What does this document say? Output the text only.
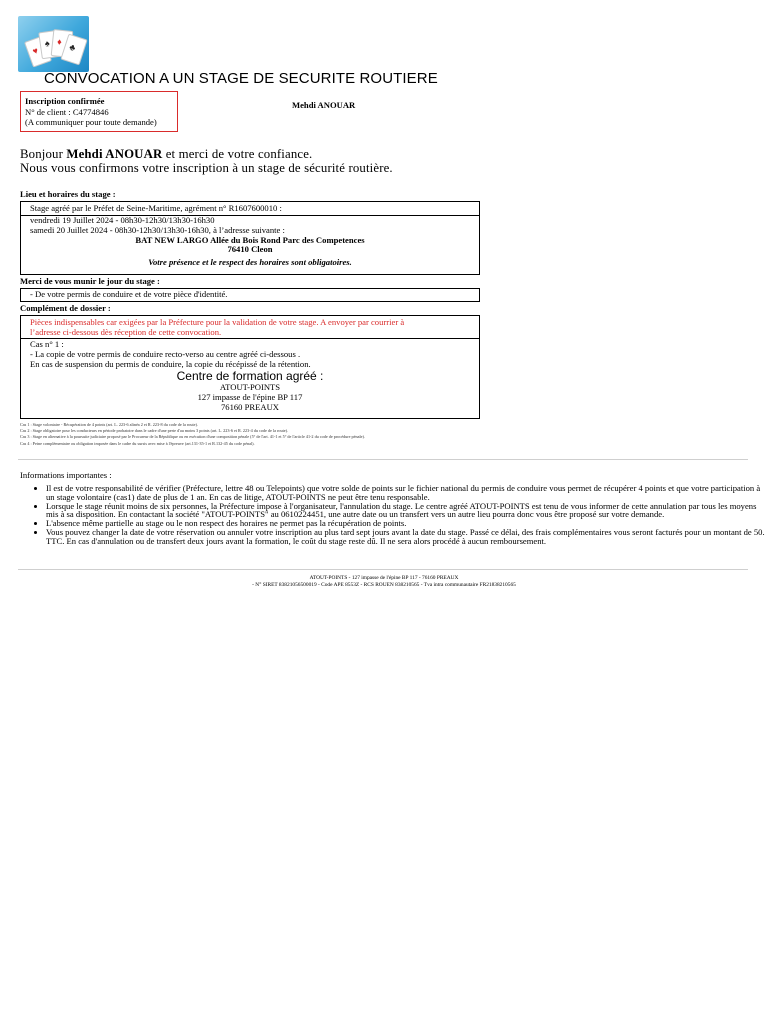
♥
♠ ♦
♣
CONVOCATION A UN STAGE DE SECURITE ROUTIERE
Inscription confirmée
N° de client : C4774846
(A communiquer pour toute demande)
Mehdi ANOUAR
Bonjour Mehdi ANOUAR et merci de votre confiance.
Nous vous confirmons votre inscription à un stage de sécurité routière.
Lieu et horaires du stage :
Stage agréé par le Préfet de Seine-Maritime, agrément n° R1607600010 :
vendredi 19 Juillet 2024 - 08h30-12h30/13h30-16h30
samedi 20 Juillet 2024 - 08h30-12h30/13h30-16h30, à l’adresse suivante :
BAT NEW LARGO Allée du Bois Rond Parc des Competences
76410 Cleon
Votre présence et le respect des horaires sont obligatoires.
Merci de vous munir le jour du stage :
- De votre permis de conduire et de votre pièce d'identité.
Complément de dossier :
Pièces indispensables car exigées par la Préfecture pour la validation de votre stage. A envoyer par courrier à
l’adresse ci-dessous dès réception de cette convocation.
Cas n° 1 :
- La copie de votre permis de conduire recto-verso au centre agréé ci-dessous .
En cas de suspension du permis de conduire, la copie du récépissé de la rétention.
Centre de formation agréé :
ATOUT-POINTS
127 impasse de l'épine BP 117
76160 PREAUX
Cas 1 : Stage volontaire - Récupération de 4 points (art. L. 223-6 alinéa 2 et R. 223-8 du code de la route).
Cas 2 : Stage obligatoire pour les conducteurs en période probatoire dans le cadre d'une perte d'au moins 3 points (art. L. 223-6 et R. 223-4 du code de la route).
Cas 3 : Stage en alternative à la poursuite judiciaire proposé par le Procureur de la République ou en exécution d'une composition pénale (5° de l'art. 41-1 et 5° de l'article 41-2 du code de procédure pénale).
Cas 4 : Peine complémentaire ou obligation imposée dans le cadre du sursis avec mise à l'épreuve (art.131-35-1 et R.132-45 du code pénal).
Informations importantes :
• Il est de votre responsabilité de vérifier (Préfecture, lettre 48 ou Telepoints) que votre solde de points sur le fichier national du permis de conduire vous permet de récupérer 4 points et que votre participation à un stage volontaire (cas1) date de plus de 1 an. En cas de litige, ATOUT-POINTS ne peut être tenu responsable.
• Lorsque le stage réunit moins de six personnes, la Préfecture impose à l'organisateur, l'annulation du stage. Le centre agréé ATOUT-POINTS est tenu de vous informer de cette annulation par tous les moyens mis à sa disposition. En contactant la société "ATOUT-POINTS" au 0610224451, une autre date ou un transfert vers un autre lieu pourra donc vous être proposé sur votre demande.
• L'absence même partielle au stage ou le non respect des horaires ne permet pas la récupération de points.
• Vous pouvez changer la date de votre réservation ou annuler votre inscription au plus tard sept jours avant la date du stage. Passé ce délai, des frais complémentaires vous seront facturés pour un montant de 50. TTC. En cas d'annulation ou de transfert deux jours avant la formation, le coût du stage reste dû. Il ne sera alors procédé à aucun remboursement.
ATOUT-POINTS - 127 impasse de l'épine BP 117 - 76160 PREAUX
- N° SIRET 83821056500019 - Code APE 8553Z - RCS ROUEN 838210565 - Tva intra communautaire FR21838210565
